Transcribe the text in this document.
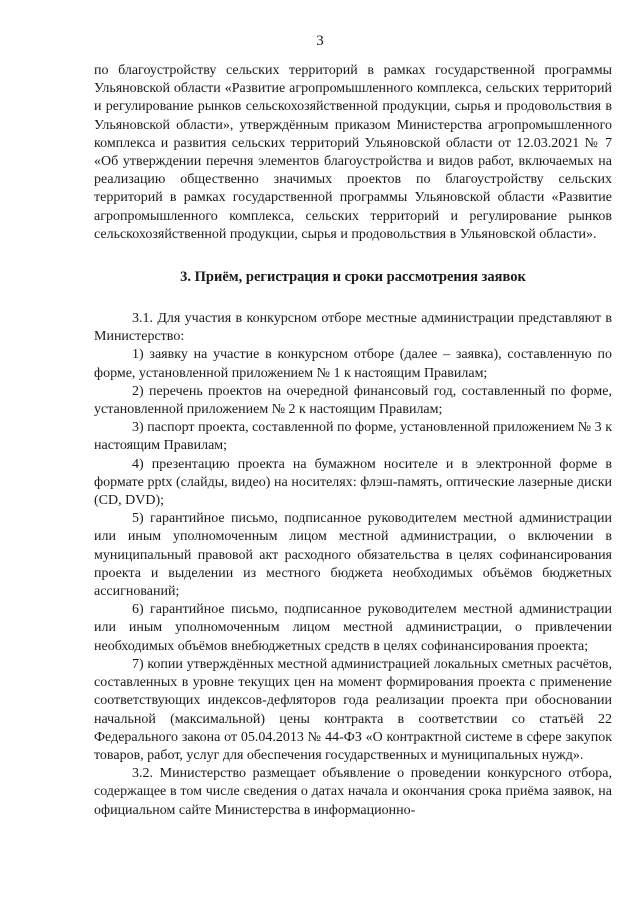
3

по благоустройству сельских территорий в рамках государственной программы Ульяновской области «Развитие агропромышленного комплекса, сельских территорий и регулирование рынков сельскохозяйственной продукции, сырья и продовольствия в Ульяновской области», утверждённым приказом Министерства агропромышленного комплекса и развития сельских территорий Ульяновской области от 12.03.2021 № 7 «Об утверждении перечня элементов благоустройства и видов работ, включаемых на реализацию общественно значимых проектов по благоустройству сельских территорий в рамках государственной программы Ульяновской области «Развитие агропромышленного комплекса, сельских территорий и регулирование рынков сельскохозяйственной продукции, сырья и продовольствия в Ульяновской области».

3. Приём, регистрация и сроки рассмотрения заявок

3.1. Для участия в конкурсном отборе местные администрации представляют в Министерство:

1) заявку на участие в конкурсном отборе (далее – заявка), составленную по форме, установленной приложением № 1 к настоящим Правилам;

2) перечень проектов на очередной финансовый год, составленный по форме, установленной приложением № 2 к настоящим Правилам;

3) паспорт проекта, составленной по форме, установленной приложением № 3 к настоящим Правилам;

4) презентацию проекта на бумажном носителе и в электронной форме в формате pptx (слайды, видео) на носителях: флэш-память, оптические лазерные диски (CD, DVD);

5) гарантийное письмо, подписанное руководителем местной администрации или иным уполномоченным лицом местной администрации, о включении в муниципальный правовой акт расходного обязательства в целях софинансирования проекта и выделении из местного бюджета необходимых объёмов бюджетных ассигнований;

6) гарантийное письмо, подписанное руководителем местной администрации или иным уполномоченным лицом местной администрации, о привлечении необходимых объёмов внебюджетных средств в целях софинансирования проекта;

7) копии утверждённых местной администрацией локальных сметных расчётов, составленных в уровне текущих цен на момент формирования проекта с применение соответствующих индексов-дефляторов года реализации проекта при обосновании начальной (максимальной) цены контракта в соответствии со статьёй 22 Федерального закона от 05.04.2013 № 44-ФЗ «О контрактной системе в сфере закупок товаров, работ, услуг для обеспечения государственных и муниципальных нужд».

3.2. Министерство размещает объявление о проведении конкурсного отбора, содержащее в том числе сведения о датах начала и окончания срока приёма заявок, на официальном сайте Министерства в информационно-
